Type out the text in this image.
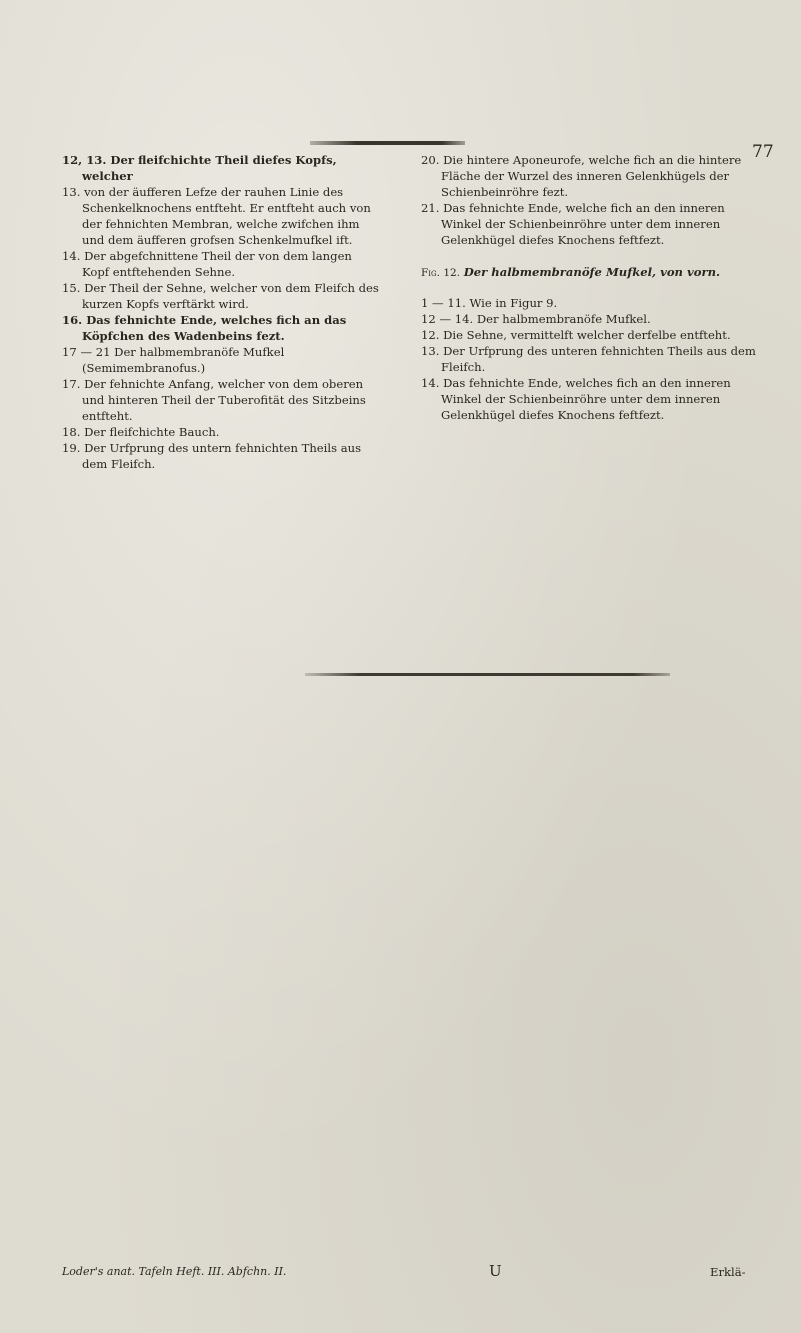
77

12, 13. Der fleifchichte Theil diefes Kopfs, welcher

13. von der äufferen Lefze der rauhen Linie des Schenkelknochens entfteht. Er entfteht auch von der fehnichten Membran, welche zwifchen ihm und dem äufferen grofsen Schenkelmufkel ift.

14. Der abgefchnittene Theil der von dem langen Kopf entftehenden Sehne.

15. Der Theil der Sehne, welcher von dem Fleifch des kurzen Kopfs verftärkt wird.

16. Das fehnichte Ende, welches fich an das Köpfchen des Wadenbeins fezt.

17 — 21 Der halbmembranöfe Mufkel (Semimembranofus.)

17. Der fehnichte Anfang, welcher von dem oberen und hinteren Theil der Tuberofität des Sitzbeins entfteht.

18. Der fleifchichte Bauch.

19. Der Urfprung des untern fehnichten Theils aus dem Fleifch.

20. Die hintere Aponeurofe, welche fich an die hintere Fläche der Wurzel des inneren Gelenkhügels der Schienbeinröhre fezt.

21. Das fehnichte Ende, welche fich an den inneren Winkel der Schienbeinröhre unter dem inneren Gelenkhügel diefes Knochens feftfezt.

Fig. 12. Der halbmembranöfe Mufkel, von vorn.

1 — 11. Wie in Figur 9.

12 — 14. Der halbmembranöfe Mufkel.

12. Die Sehne, vermittelft welcher derfelbe entfteht.

13. Der Urfprung des unteren fehnichten Theils aus dem Fleifch.

14. Das fehnichte Ende, welches fich an den inneren Winkel der Schienbeinröhre unter dem inneren Gelenkhügel diefes Knochens feftfezt.

Loder's anat. Tafeln Heft. III. Abfchn. II.	U	Erklä-
